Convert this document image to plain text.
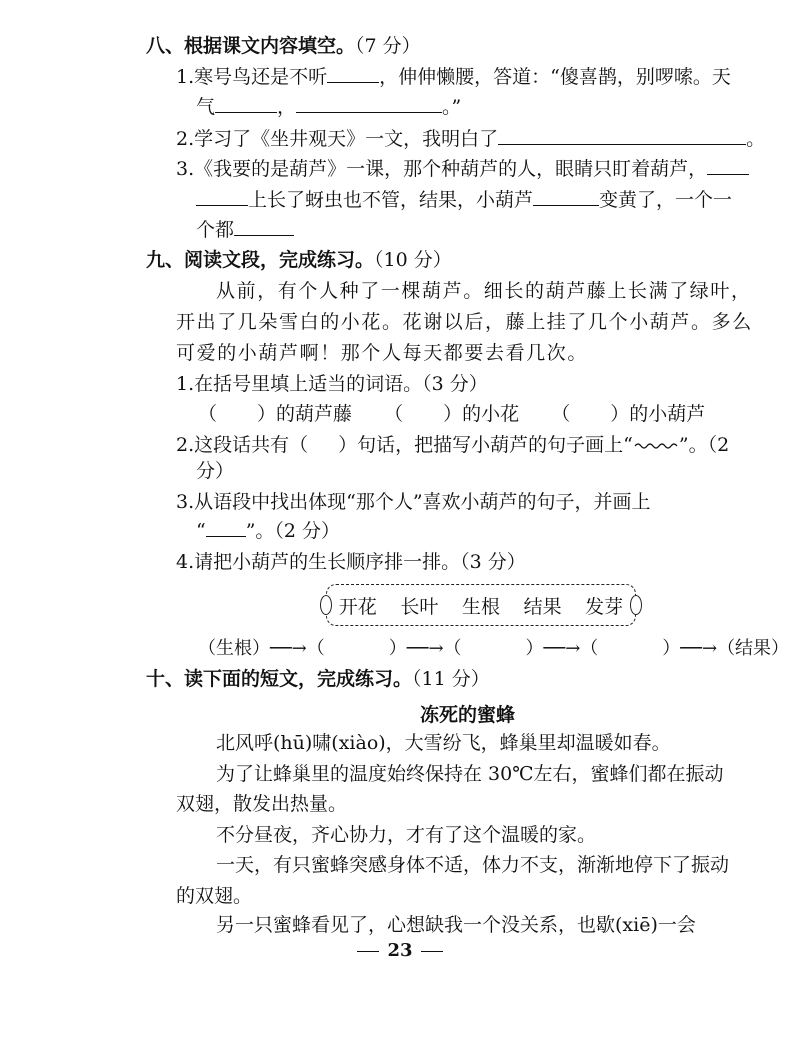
八、根据课文内容填空。（7 分）
1.寒号鸟还是不听	，伸伸懒腰，答道：“傻喜鹊，别啰嗦。天
气	，	。”
2.学习了《坐井观天》一文，我明白了	。
3.《我要的是葫芦》一课，那个种葫芦的人，眼睛只盯着葫芦，
上长了蚜虫也不管，结果，小葫芦	变黄了，一个一
个都
九、阅读文段，完成练习。（10 分）
从前，有个人种了一棵葫芦。细长的葫芦藤上长满了绿叶，
开出了几朵雪白的小花。花谢以后，藤上挂了几个小葫芦。多么
可爱的小葫芦啊！那个人每天都要去看几次。
1.在括号里填上适当的词语。（3 分）
（ ）的葫芦藤 （ ）的小花 （ ）的小葫芦
2.这段话共有（ ）句话，把描写小葫芦的句子画上“ ”。（2
分）
3.从语段中找出体现“那个人”喜欢小葫芦的句子，并画上
“ ”。（2 分）
4.请把小葫芦的生长顺序排一排。（3 分）
开花 长叶 生根 结果 发芽
（生根）──→（	）──→（	）──→（	）──→（结果）
十、读下面的短文，完成练习。（11 分）
冻死的蜜蜂
北风呼(hū)啸(xiào)，大雪纷飞，蜂巢里却温暖如春。
为了让蜂巢里的温度始终保持在 30℃左右，蜜蜂们都在振动
双翅，散发出热量。
不分昼夜，齐心协力，才有了这个温暖的家。
一天，有只蜜蜂突感身体不适，体力不支，渐渐地停下了振动
的双翅。
另一只蜜蜂看见了，心想缺我一个没关系，也歇(xiē)一会
23
